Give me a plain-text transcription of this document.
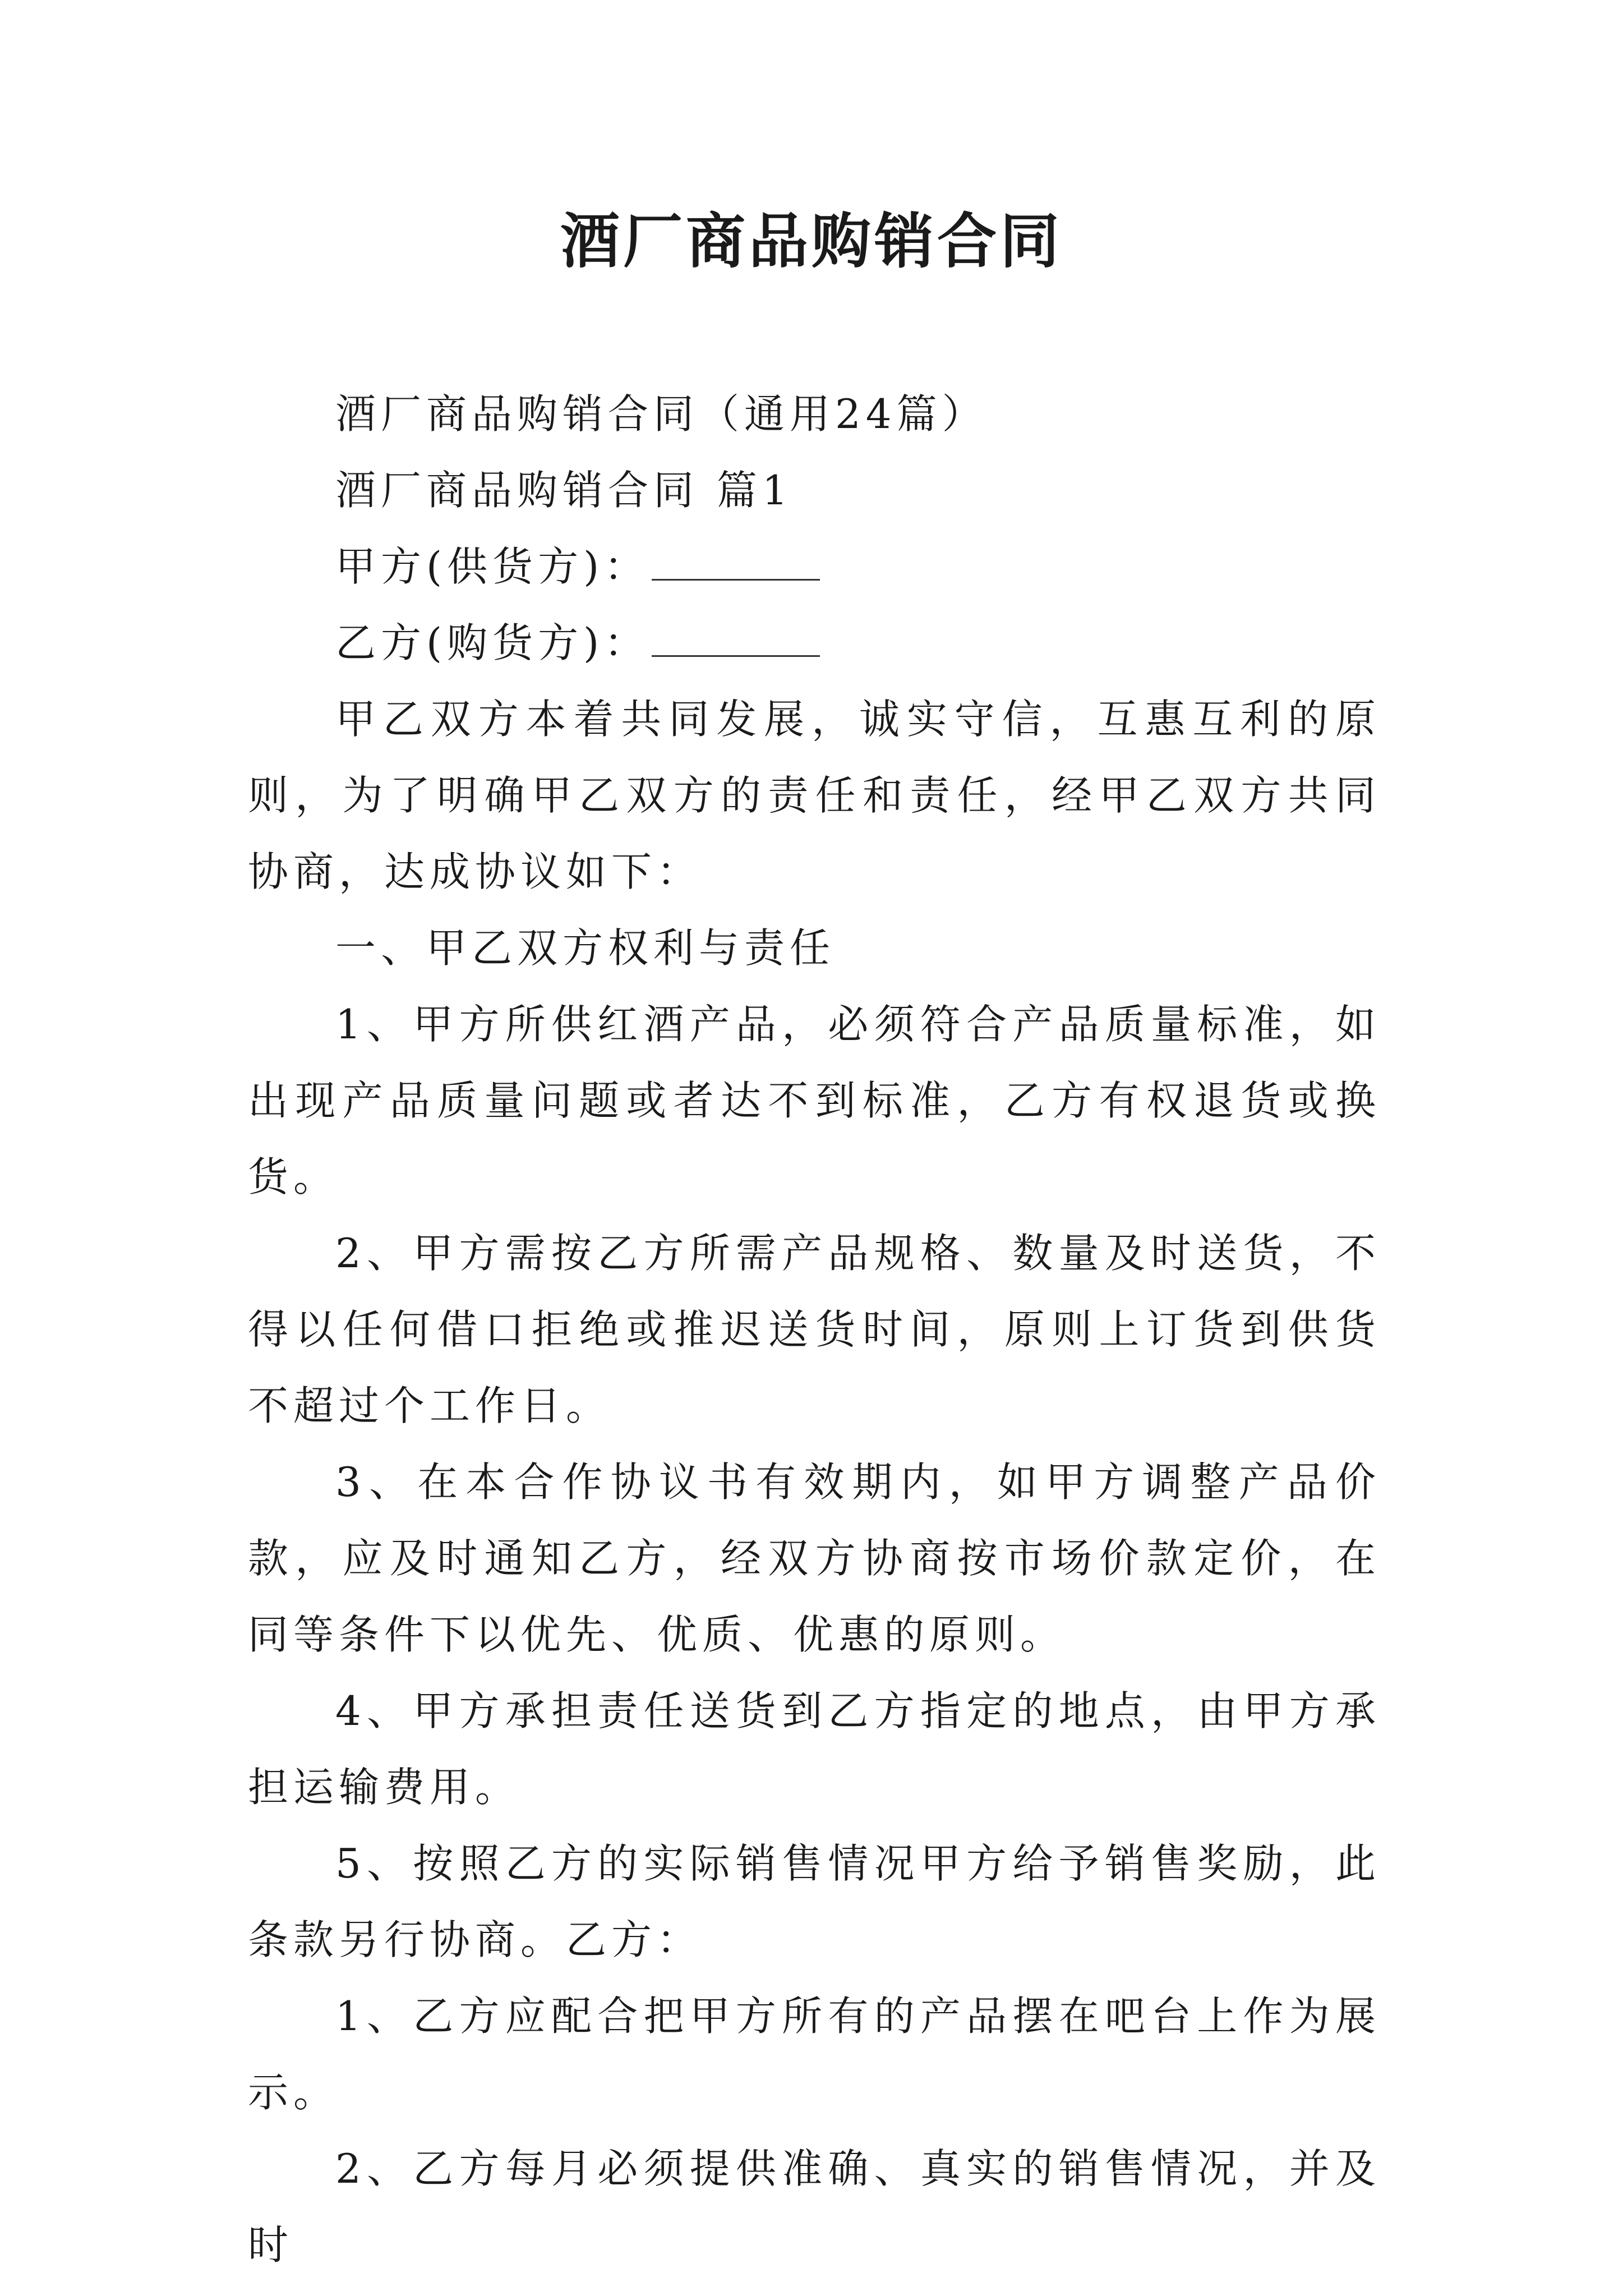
酒厂商品购销合同

酒厂商品购销合同（通用24篇）

酒厂商品购销合同 篇1

甲方(供货方)：

乙方(购货方)：

甲乙双方本着共同发展，诚实守信，互惠互利的原则，为了明确甲乙双方的责任和责任，经甲乙双方共同协商，达成协议如下：

一、甲乙双方权利与责任

1、甲方所供红酒产品，必须符合产品质量标准，如出现产品质量问题或者达不到标准，乙方有权退货或换货。

2、甲方需按乙方所需产品规格、数量及时送货，不得以任何借口拒绝或推迟送货时间，原则上订货到供货不超过个工作日。

3、在本合作协议书有效期内，如甲方调整产品价款，应及时通知乙方，经双方协商按市场价款定价，在同等条件下以优先、优质、优惠的原则。

4、甲方承担责任送货到乙方指定的地点，由甲方承担运输费用。

5、按照乙方的实际销售情况甲方给予销售奖励，此条款另行协商。乙方：

1、乙方应配合把甲方所有的产品摆在吧台上作为展示。

2、乙方每月必须提供准确、真实的销售情况，并及时
